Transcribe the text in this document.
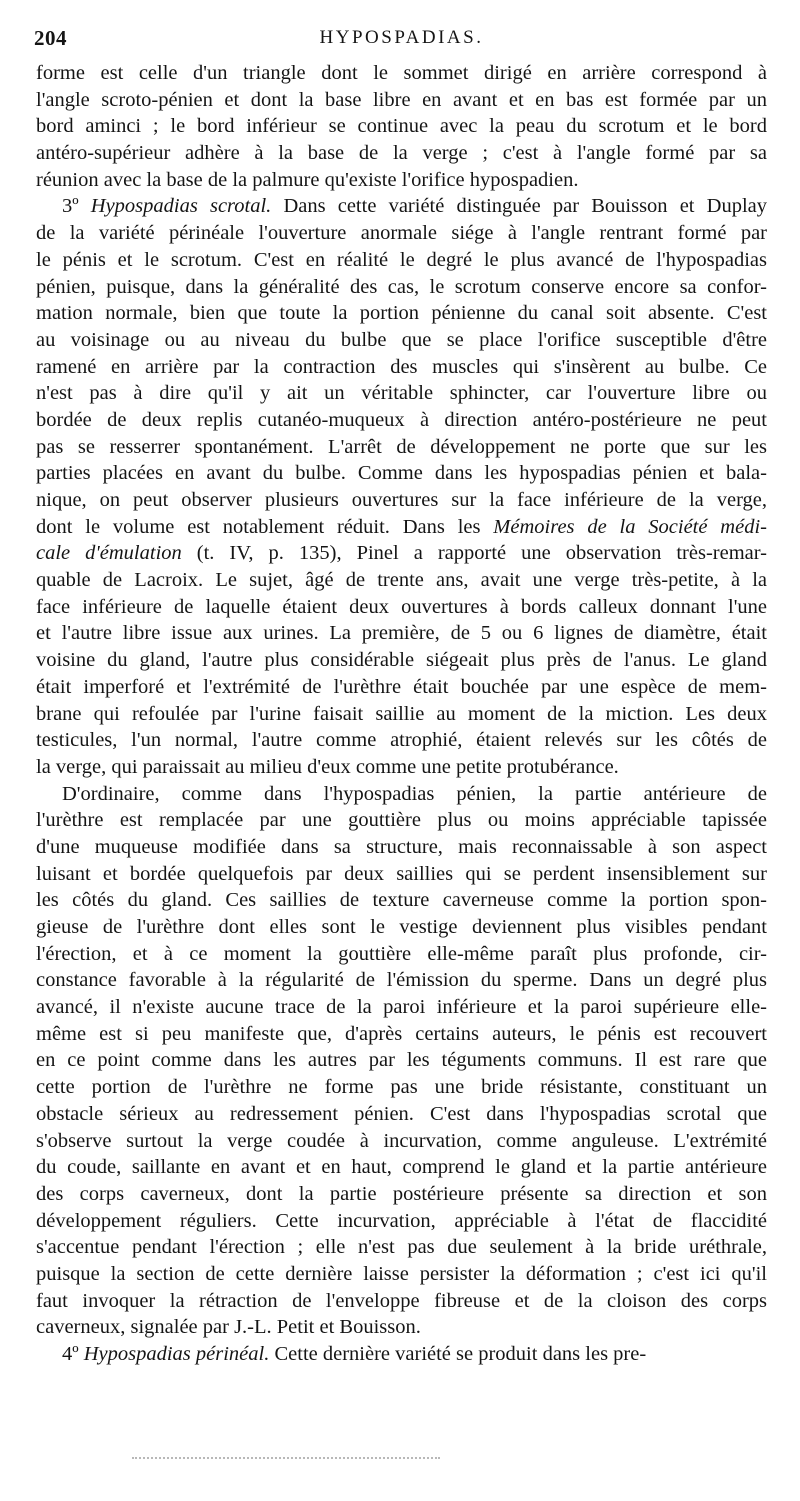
204	HYPOSPADIAS.
forme est celle d'un triangle dont le sommet dirigé en arrière correspond à
l'angle scroto-pénien et dont la base libre en avant et en bas est formée par un
bord aminci ; le bord inférieur se continue avec la peau du scrotum et le bord
antéro-supérieur adhère à la base de la verge ; c'est à l'angle formé par sa
réunion avec la base de la palmure qu'existe l'orifice hypospadien.
3º Hypospadias scrotal. Dans cette variété distinguée par Bouisson et Duplay
de la variété périnéale l'ouverture anormale siége à l'angle rentrant formé par
le pénis et le scrotum. C'est en réalité le degré le plus avancé de l'hypospadias
pénien, puisque, dans la généralité des cas, le scrotum conserve encore sa confor-
mation normale, bien que toute la portion pénienne du canal soit absente. C'est
au voisinage ou au niveau du bulbe que se place l'orifice susceptible d'être
ramené en arrière par la contraction des muscles qui s'insèrent au bulbe. Ce
n'est pas à dire qu'il y ait un véritable sphincter, car l'ouverture libre ou
bordée de deux replis cutanéo-muqueux à direction antéro-postérieure ne peut
pas se resserrer spontanément. L'arrêt de développement ne porte que sur les
parties placées en avant du bulbe. Comme dans les hypospadias pénien et bala-
nique, on peut observer plusieurs ouvertures sur la face inférieure de la verge,
dont le volume est notablement réduit. Dans les Mémoires de la Société médi-
cale d'émulation (t. IV, p. 135), Pinel a rapporté une observation très-remar-
quable de Lacroix. Le sujet, âgé de trente ans, avait une verge très-petite, à la
face inférieure de laquelle étaient deux ouvertures à bords calleux donnant l'une
et l'autre libre issue aux urines. La première, de 5 ou 6 lignes de diamètre, était
voisine du gland, l'autre plus considérable siégeait plus près de l'anus. Le gland
était imperforé et l'extrémité de l'urèthre était bouchée par une espèce de mem-
brane qui refoulée par l'urine faisait saillie au moment de la miction. Les deux
testicules, l'un normal, l'autre comme atrophié, étaient relevés sur les côtés de
la verge, qui paraissait au milieu d'eux comme une petite protubérance.
D'ordinaire, comme dans l'hypospadias pénien, la partie antérieure de
l'urèthre est remplacée par une gouttière plus ou moins appréciable tapissée
d'une muqueuse modifiée dans sa structure, mais reconnaissable à son aspect
luisant et bordée quelquefois par deux saillies qui se perdent insensiblement sur
les côtés du gland. Ces saillies de texture caverneuse comme la portion spon-
gieuse de l'urèthre dont elles sont le vestige deviennent plus visibles pendant
l'érection, et à ce moment la gouttière elle-même paraît plus profonde, cir-
constance favorable à la régularité de l'émission du sperme. Dans un degré plus
avancé, il n'existe aucune trace de la paroi inférieure et la paroi supérieure elle-
même est si peu manifeste que, d'après certains auteurs, le pénis est recouvert
en ce point comme dans les autres par les téguments communs. Il est rare que
cette portion de l'urèthre ne forme pas une bride résistante, constituant un
obstacle sérieux au redressement pénien. C'est dans l'hypospadias scrotal que
s'observe surtout la verge coudée à incurvation, comme anguleuse. L'extrémité
du coude, saillante en avant et en haut, comprend le gland et la partie antérieure
des corps caverneux, dont la partie postérieure présente sa direction et son
développement réguliers. Cette incurvation, appréciable à l'état de flaccidité
s'accentue pendant l'érection ; elle n'est pas due seulement à la bride uréthrale,
puisque la section de cette dernière laisse persister la déformation ; c'est ici qu'il
faut invoquer la rétraction de l'enveloppe fibreuse et de la cloison des corps
caverneux, signalée par J.-L. Petit et Bouisson.
4º Hypospadias périnéal. Cette dernière variété se produit dans les pre-
